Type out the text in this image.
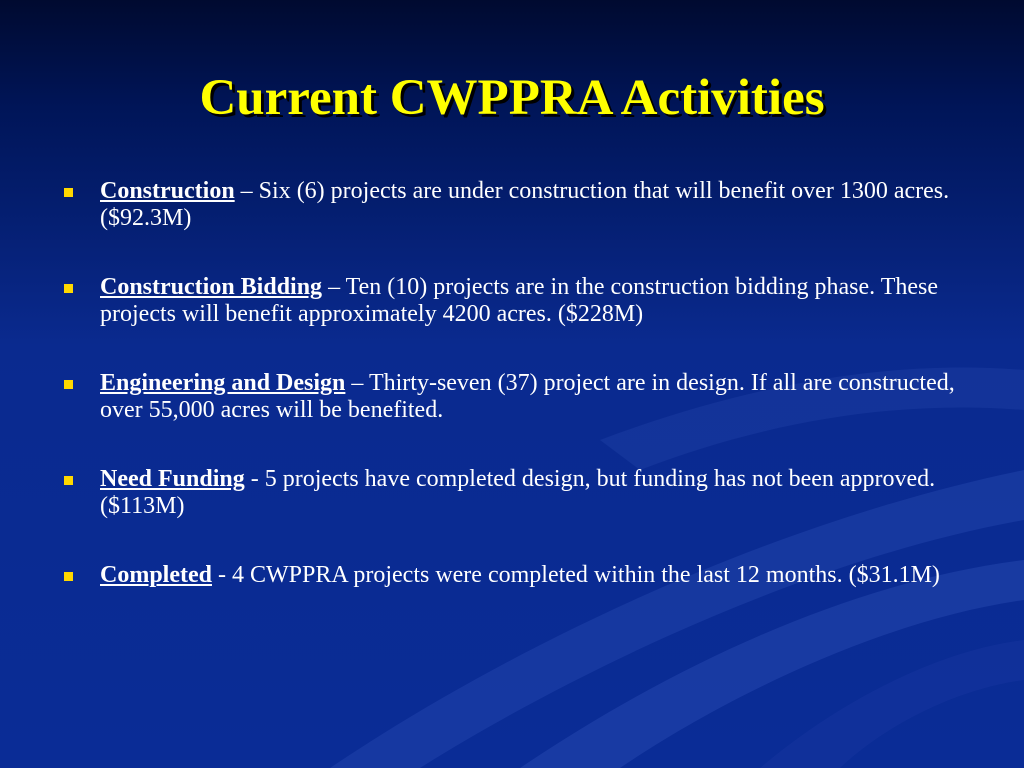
Current CWPPRA Activities
Construction – Six (6) projects are under construction that will benefit over 1300 acres. ($92.3M)
Construction Bidding – Ten (10) projects are in the construction bidding phase. These projects will benefit approximately 4200 acres. ($228M)
Engineering and Design – Thirty-seven (37) project are in design. If all are constructed, over 55,000 acres will be benefited.
Need Funding - 5 projects have completed design, but funding has not been approved. ($113M)
Completed - 4 CWPPRA projects were completed within the last 12 months. ($31.1M)
